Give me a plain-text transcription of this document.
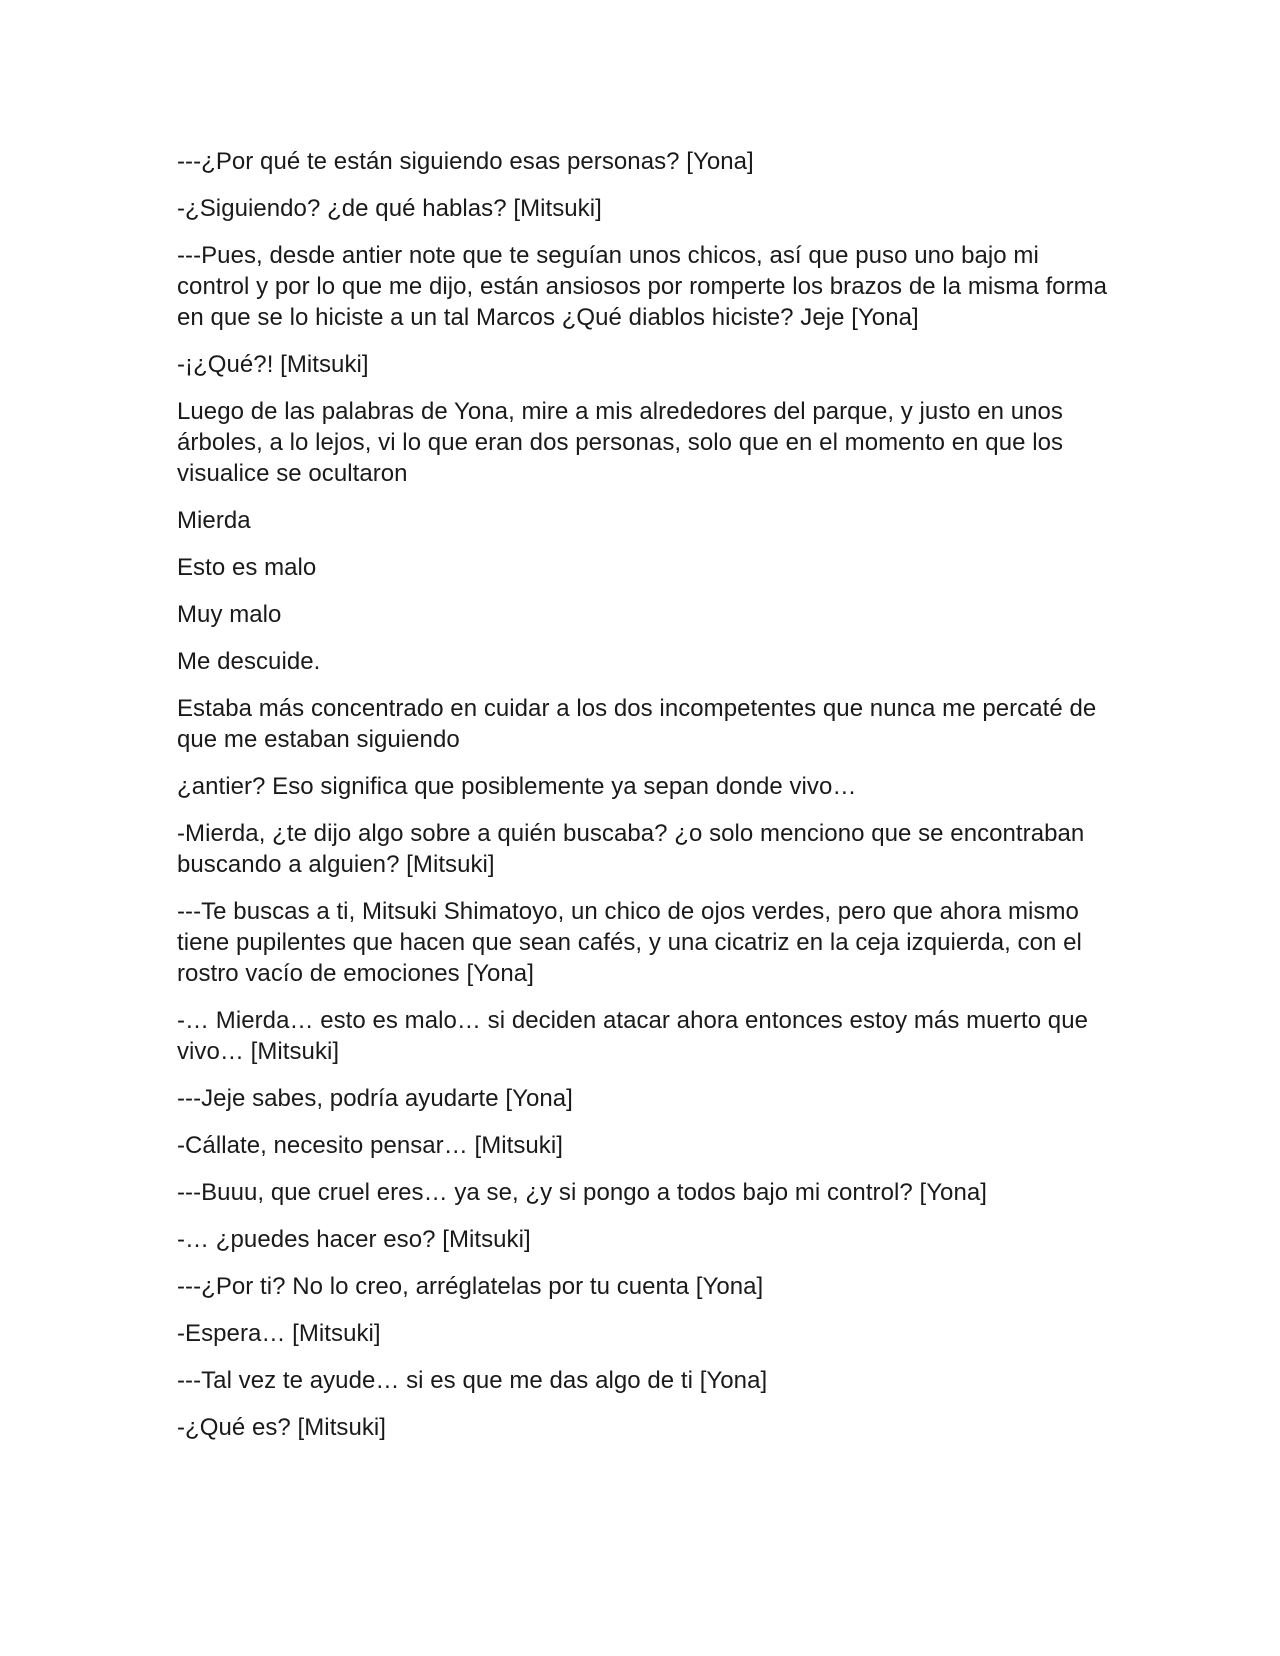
---¿Por qué te están siguiendo esas personas? [Yona]

-¿Siguiendo? ¿de qué hablas? [Mitsuki]

---Pues, desde antier note que te seguían unos chicos, así que puso uno bajo mi control y por lo que me dijo, están ansiosos por romperte los brazos de la misma forma en que se lo hiciste a un tal Marcos ¿Qué diablos hiciste? Jeje [Yona]

-¡¿Qué?! [Mitsuki]

Luego de las palabras de Yona, mire a mis alrededores del parque, y justo en unos árboles, a lo lejos, vi lo que eran dos personas, solo que en el momento en que los visualice se ocultaron

Mierda

Esto es malo

Muy malo

Me descuide.

Estaba más concentrado en cuidar a los dos incompetentes que nunca me percaté de que me estaban siguiendo

¿antier? Eso significa que posiblemente ya sepan donde vivo…

-Mierda, ¿te dijo algo sobre a quién buscaba? ¿o solo menciono que se encontraban buscando a alguien? [Mitsuki]

---Te buscas a ti, Mitsuki Shimatoyo, un chico de ojos verdes, pero que ahora mismo tiene pupilentes que hacen que sean cafés, y una cicatriz en la ceja izquierda, con el rostro vacío de emociones [Yona]

-… Mierda… esto es malo… si deciden atacar ahora entonces estoy más muerto que vivo… [Mitsuki]

---Jeje sabes, podría ayudarte [Yona]

-Cállate, necesito pensar… [Mitsuki]

---Buuu, que cruel eres… ya se, ¿y si pongo a todos bajo mi control? [Yona]

-… ¿puedes hacer eso? [Mitsuki]

---¿Por ti? No lo creo, arréglatelas por tu cuenta [Yona]

-Espera… [Mitsuki]

---Tal vez te ayude… si es que me das algo de ti [Yona]

-¿Qué es? [Mitsuki]
